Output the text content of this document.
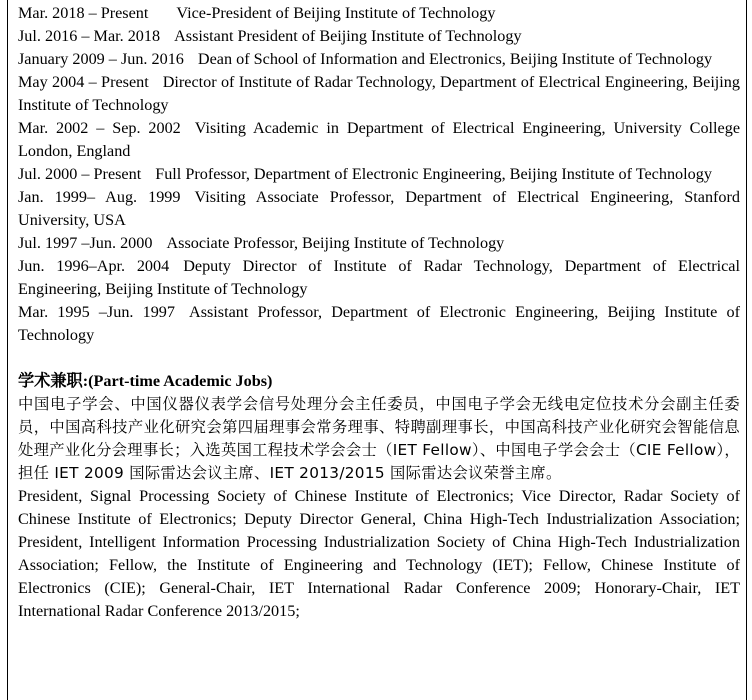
Mar. 2018 – Present Vice-President of Beijing Institute of Technology

Jul. 2016 – Mar. 2018 Assistant President of Beijing Institute of Technology

January 2009 – Jun. 2016 Dean of School of Information and Electronics, Beijing Institute of Technology

May 2004 – Present Director of Institute of Radar Technology, Department of Electrical Engineering, Beijing Institute of Technology

Mar. 2002 – Sep. 2002 Visiting Academic in Department of Electrical Engineering, University College London, England

Jul. 2000 – Present Full Professor, Department of Electronic Engineering, Beijing Institute of Technology

Jan. 1999– Aug. 1999 Visiting Associate Professor, Department of Electrical Engineering, Stanford University, USA

Jul. 1997 –Jun. 2000 Associate Professor, Beijing Institute of Technology

Jun. 1996–Apr. 2004 Deputy Director of Institute of Radar Technology, Department of Electrical Engineering, Beijing Institute of Technology

Mar. 1995 –Jun. 1997 Assistant Professor, Department of Electronic Engineering, Beijing Institute of Technology

学术兼职:(Part-time Academic Jobs)

中国电子学会、中国仪器仪表学会信号处理分会主任委员，中国电子学会无线电定位技术分会副主任委员，中国高科技产业化研究会第四届理事会常务理事、特聘副理事长，中国高科技产业化研究会智能信息处理产业化分会理事长；入选英国工程技术学会会士（IET Fellow）、中国电子学会会士（CIE Fellow），担任 IET 2009 国际雷达会议主席、IET 2013/2015 国际雷达会议荣誉主席。

President, Signal Processing Society of Chinese Institute of Electronics; Vice Director, Radar Society of Chinese Institute of Electronics; Deputy Director General, China High-Tech Industrialization Association; President, Intelligent Information Processing Industrialization Society of China High-Tech Industrialization Association; Fellow, the Institute of Engineering and Technology (IET); Fellow, Chinese Institute of Electronics (CIE); General-Chair, IET International Radar Conference 2009; Honorary-Chair, IET International Radar Conference 2013/2015;
